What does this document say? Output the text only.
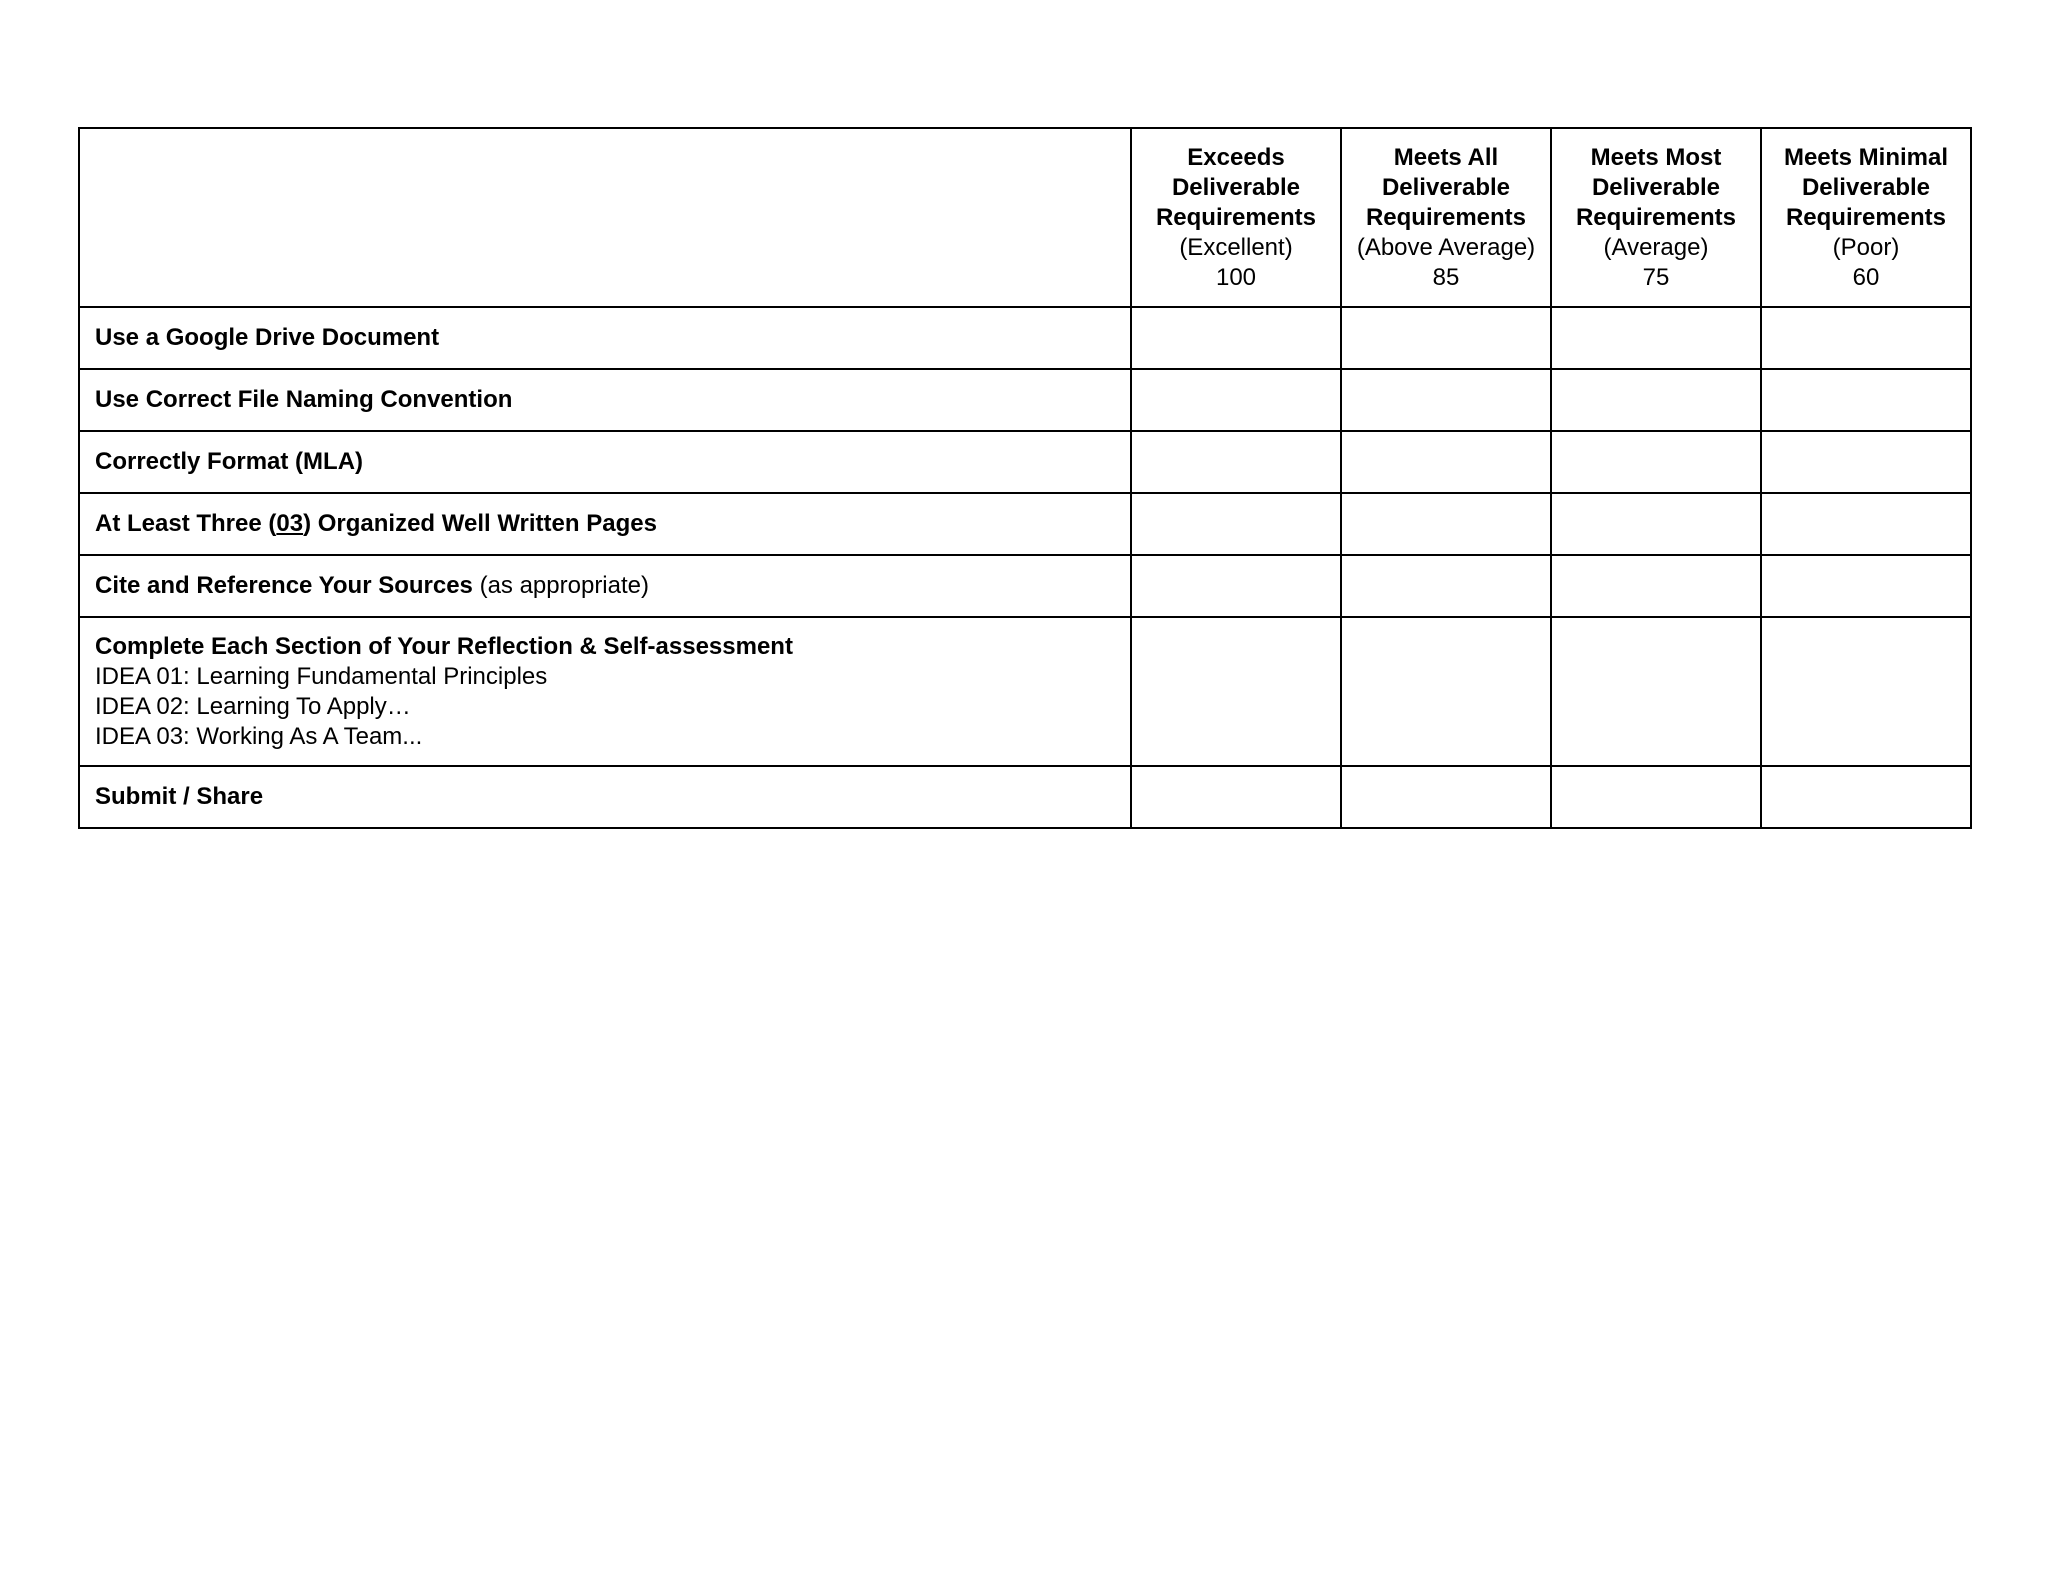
	Exceeds
Deliverable
Requirements
(Excellent)
100	Meets All
Deliverable
Requirements
(Above Average)
85	Meets Most
Deliverable
Requirements
(Average)
75	Meets Minimal
Deliverable
Requirements
(Poor)
60

Use a Google Drive Document				
Use Correct File Naming Convention				
Correctly Format (MLA)				
At Least Three (03) Organized Well Written Pages				
Cite and Reference Your Sources (as appropriate)				

Complete Each Section of Your Reflection & Self-assessment
IDEA 01: Learning Fundamental Principles
IDEA 02: Learning To Apply…
IDEA 03: Working As A Team...				

Submit / Share				
